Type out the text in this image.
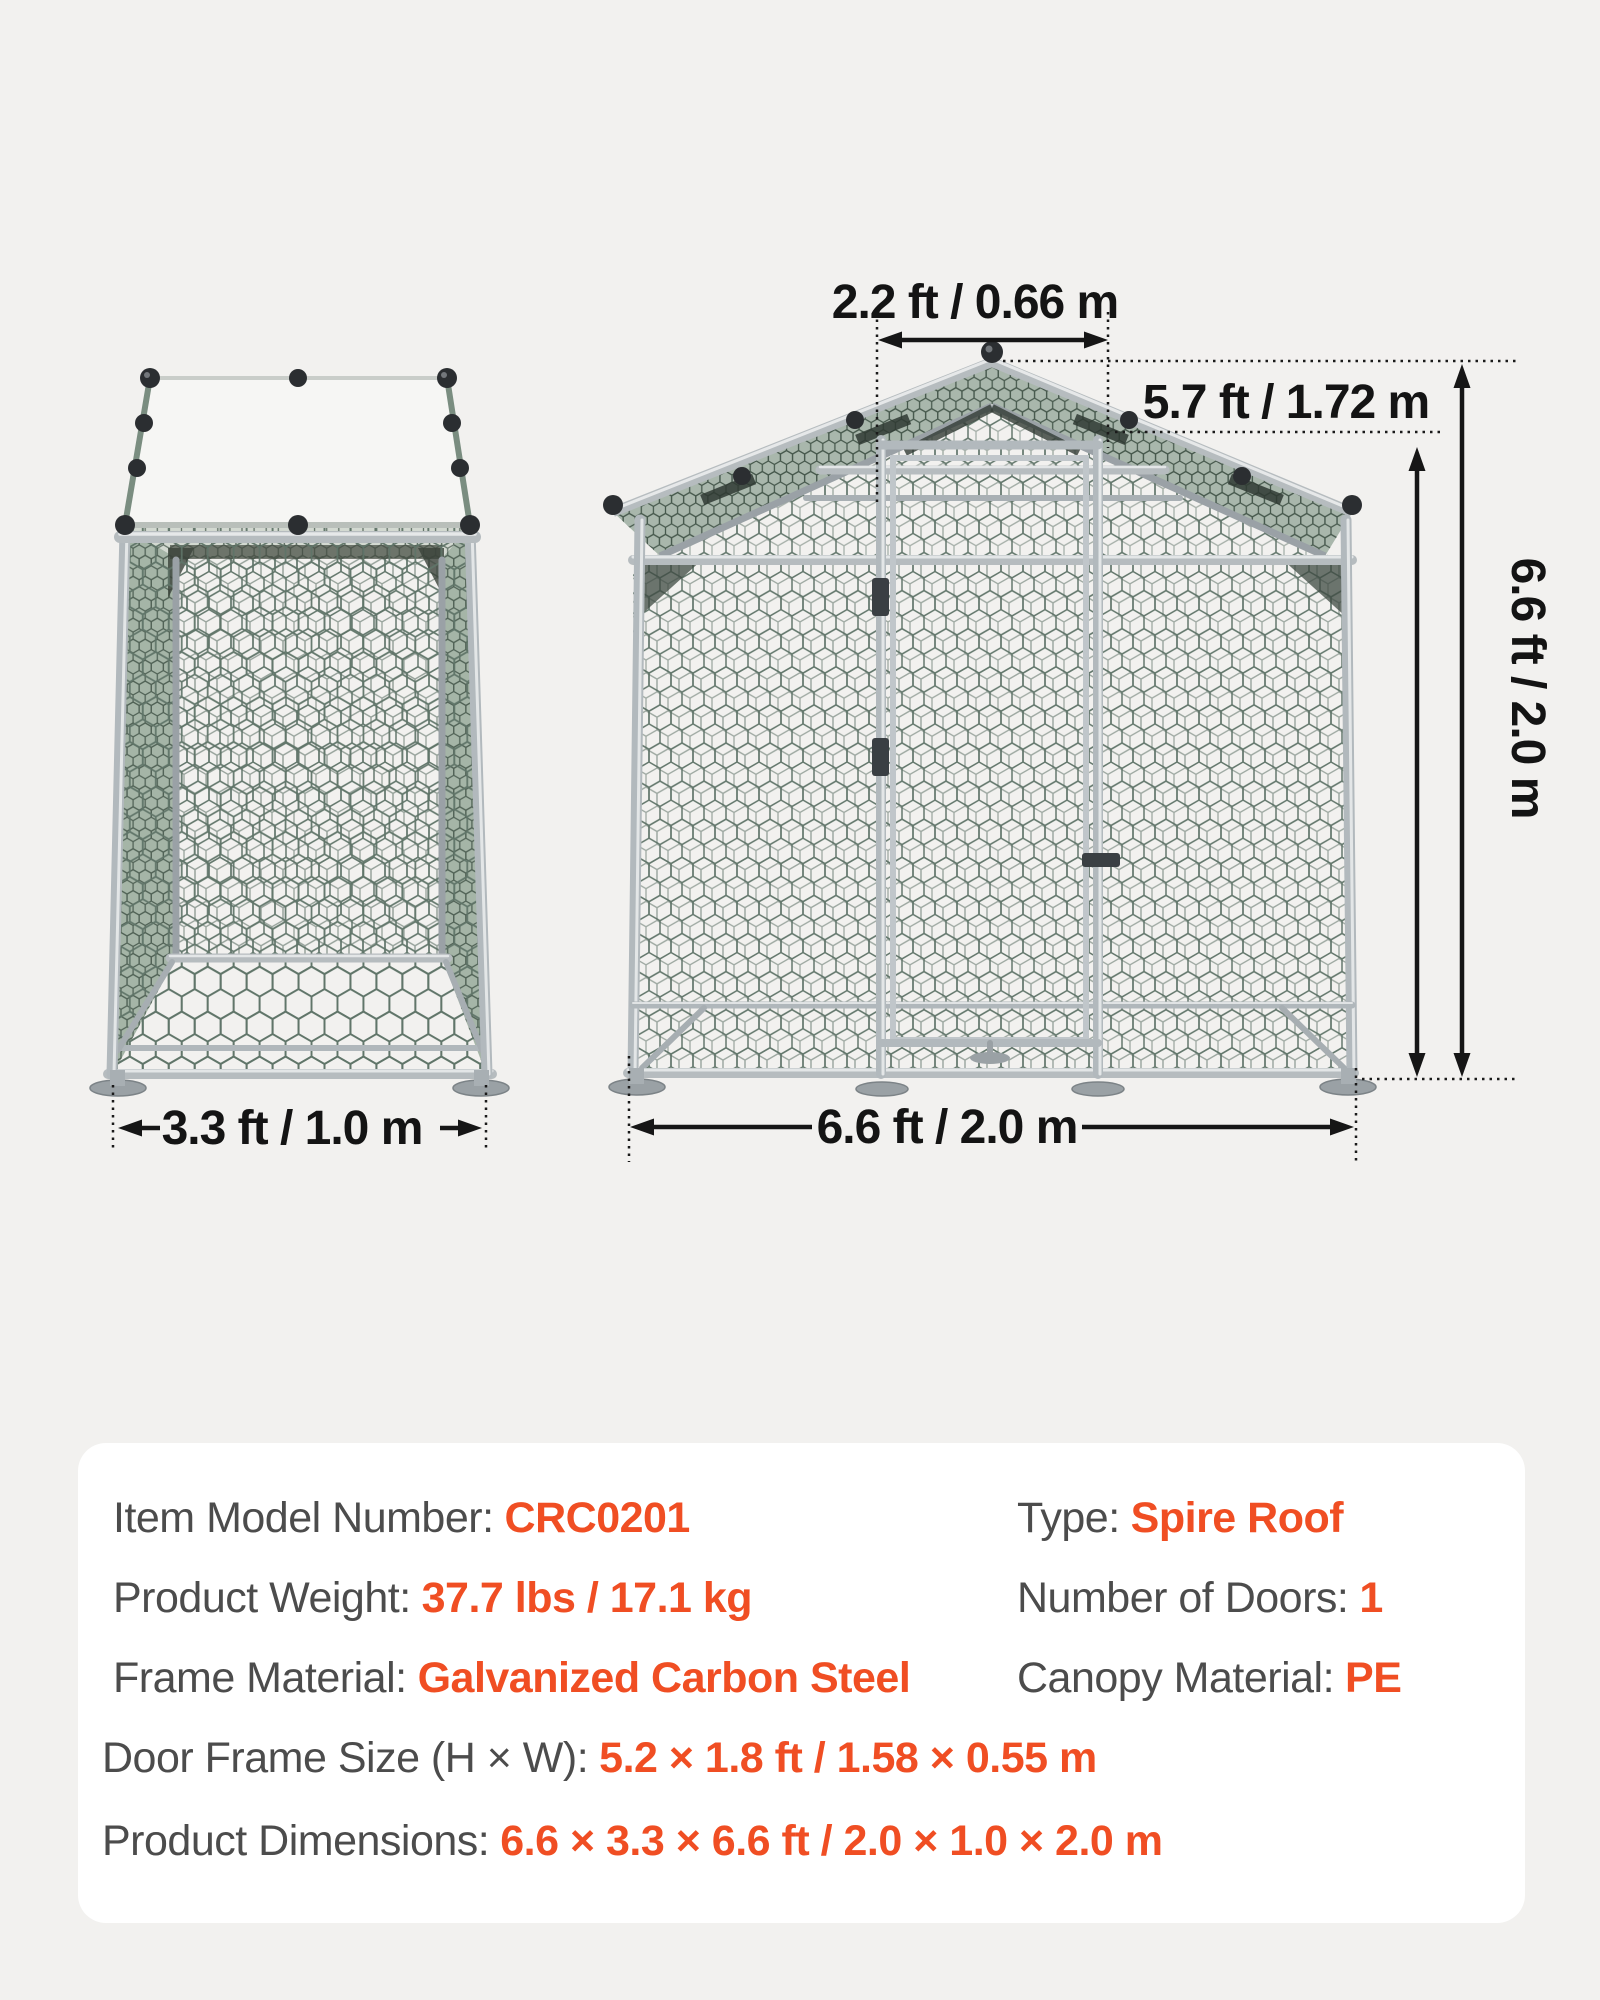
2.2 ft / 0.66 m
5.7 ft / 1.72 m
6.6 ft / 2.0 m
3.3 ft / 1.0 m	6.6 ft / 2.0 m
Item Model Number: CRC0201
Product Weight: 37.7 lbs / 17.1 kg
Frame Material: Galvanized Carbon Steel
Type: Spire Roof
Number of Doors: 1
Canopy Material: PE
Door Frame Size (H × W): 5.2 × 1.8 ft / 1.58 × 0.55 m
Product Dimensions: 6.6 × 3.3 × 6.6 ft / 2.0 × 1.0 × 2.0 m
